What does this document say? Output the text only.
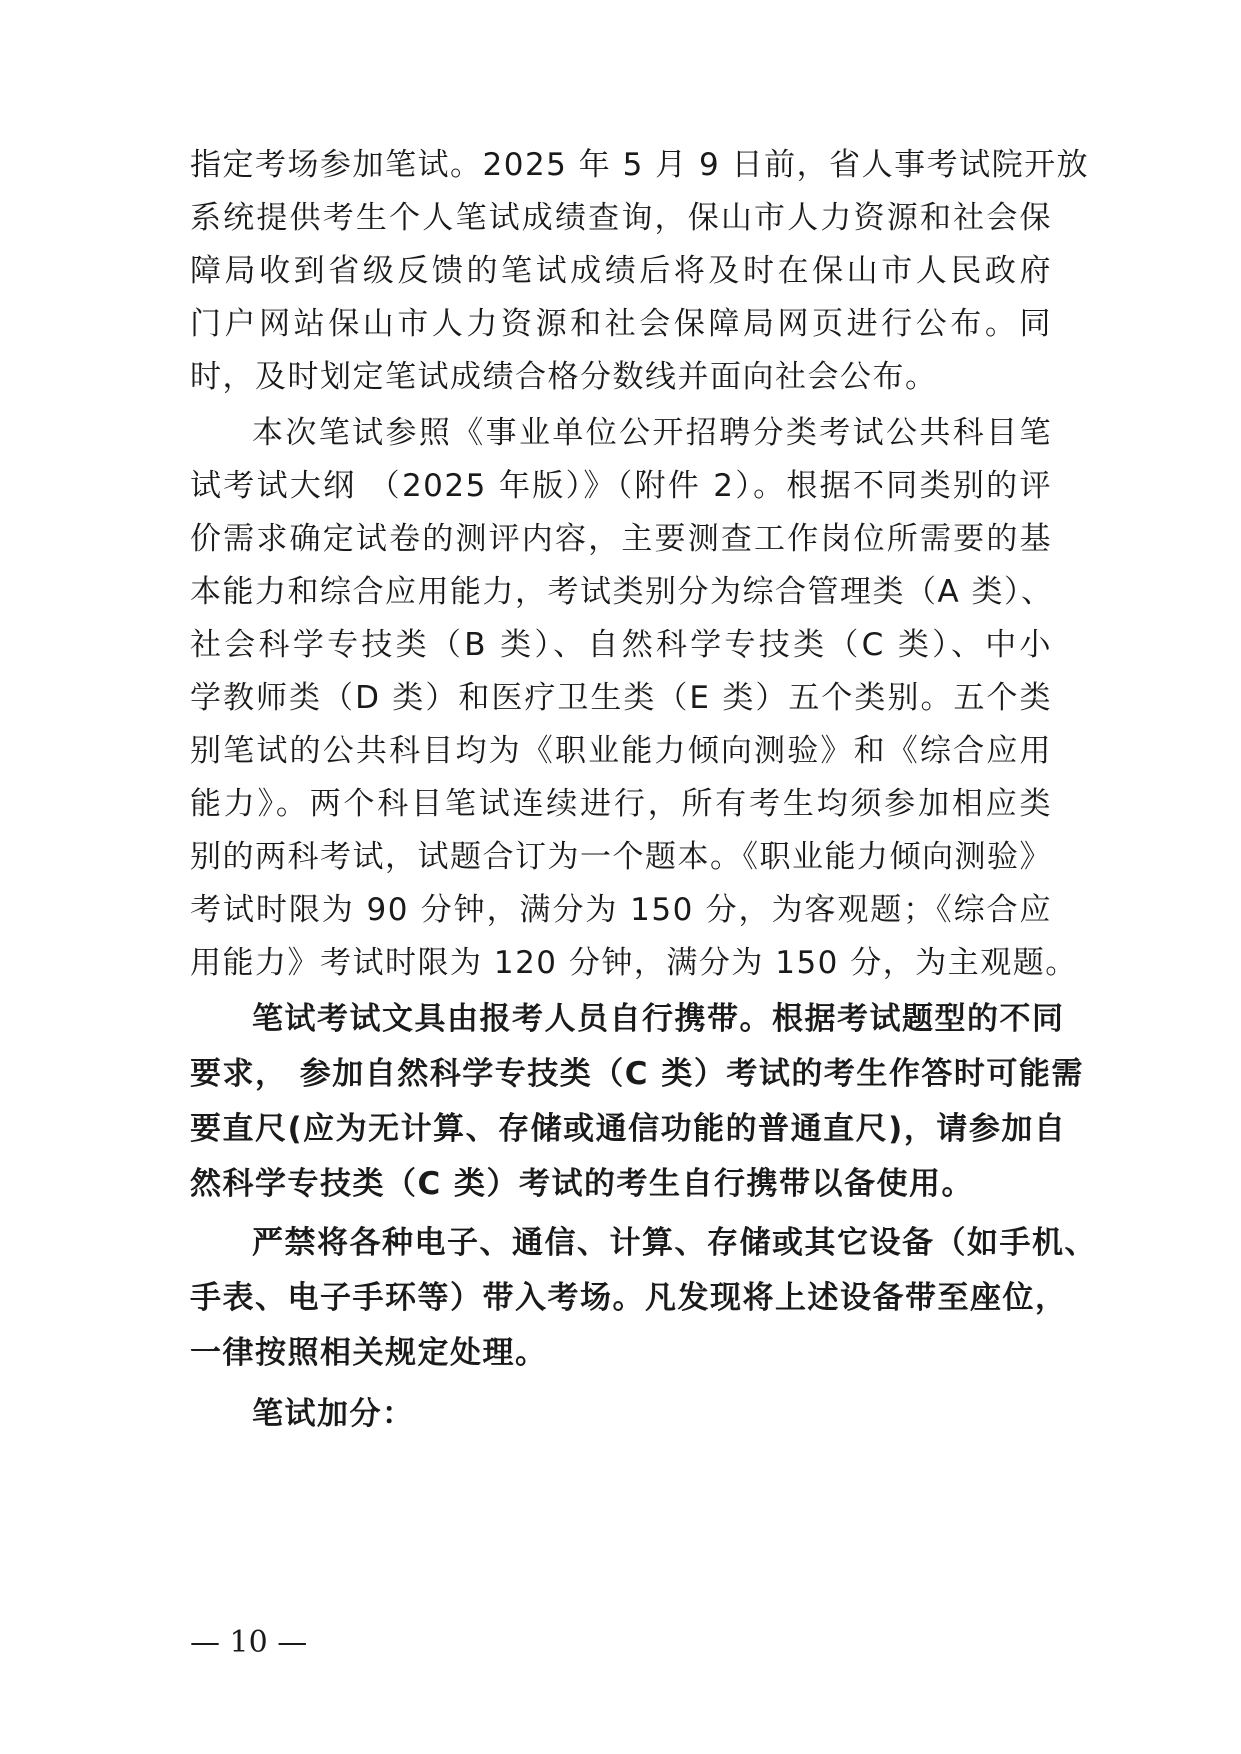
指定考场参加笔试。2025 年 5 月 9 日前，省人事考试院开放
系统提供考生个人笔试成绩查询，保山市人力资源和社会保
障局收到省级反馈的笔试成绩后将及时在保山市人民政府
门户网站保山市人力资源和社会保障局网页进行公布。同
时，及时划定笔试成绩合格分数线并面向社会公布。
本次笔试参照《事业单位公开招聘分类考试公共科目笔
试考试大纲 （2025 年版）》（附件 2）。根据不同类别的评
价需求确定试卷的测评内容，主要测查工作岗位所需要的基
本能力和综合应用能力，考试类别分为综合管理类（A 类）、
社会科学专技类（B 类）、自然科学专技类（C 类）、中小
学教师类（D 类）和医疗卫生类（E 类）五个类别。五个类
别笔试的公共科目均为《职业能力倾向测验》和《综合应用
能力》。两个科目笔试连续进行，所有考生均须参加相应类
别的两科考试，试题合订为一个题本。《职业能力倾向测验》
考试时限为 90 分钟，满分为 150 分，为客观题；《综合应
用能力》考试时限为 120 分钟，满分为 150 分，为主观题。
笔试考试文具由报考人员自行携带。根据考试题型的不同
要求， 参加自然科学专技类（C 类）考试的考生作答时可能需
要直尺(应为无计算、存储或通信功能的普通直尺)，请参加自
然科学专技类（C 类）考试的考生自行携带以备使用。
严禁将各种电子、通信、计算、存储或其它设备（如手机、
手表、电子手环等）带入考场。凡发现将上述设备带至座位，
一律按照相关规定处理。
笔试加分：
— 10 —
